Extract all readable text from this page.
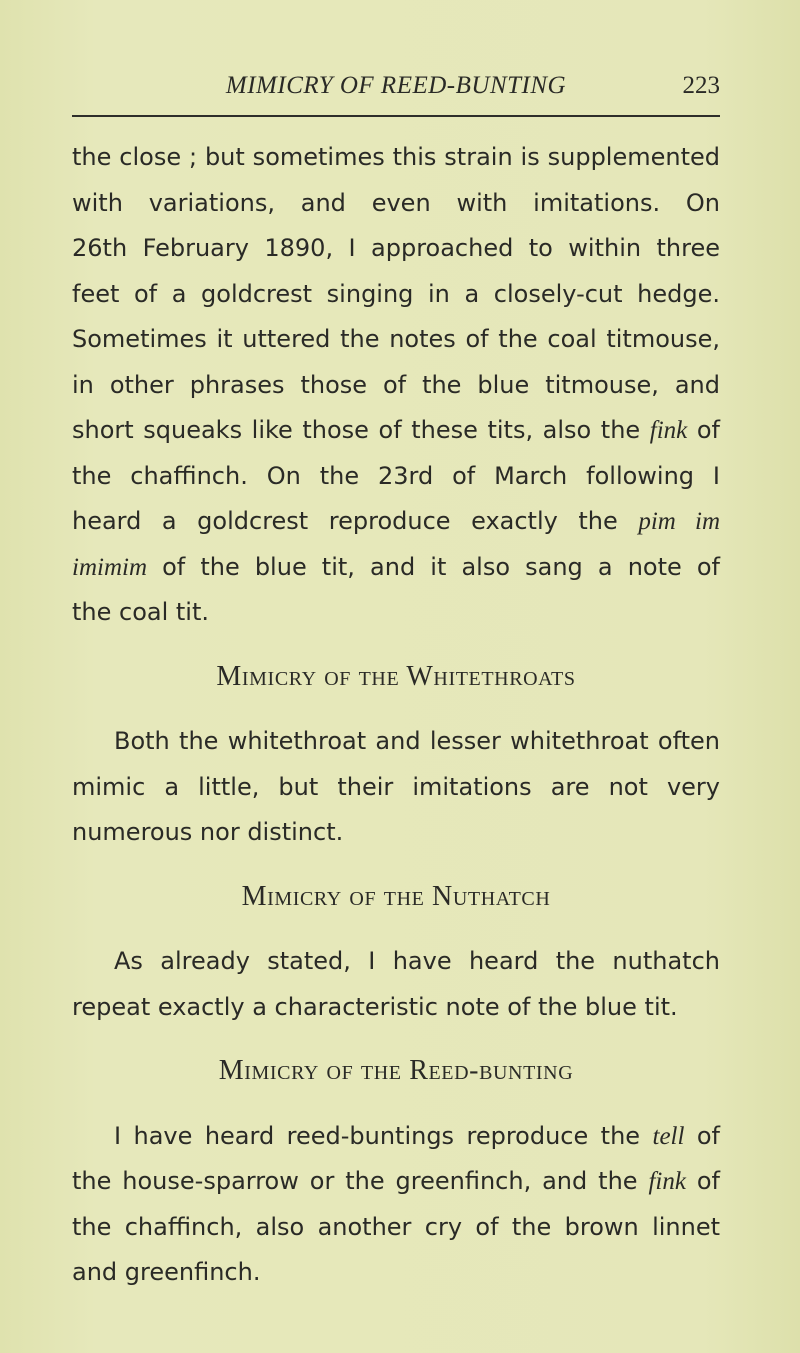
MIMICRY OF REED-BUNTING	223
the close ; but sometimes this strain is supplemented
with variations, and even with imitations. On
26th February 1890, I approached to within three
feet of a goldcrest singing in a closely-cut hedge.
Sometimes it uttered the notes of the coal titmouse,
in other phrases those of the blue titmouse, and
short squeaks like those of these tits, also the fink of
the chaffinch. On the 23rd of March following I
heard a goldcrest reproduce exactly the pim im
imimim of the blue tit, and it also sang a note of
the coal tit.
Mimicry of the Whitethroats
Both the whitethroat and lesser whitethroat often
mimic a little, but their imitations are not very
numerous nor distinct.
Mimicry of the Nuthatch
As already stated, I have heard the nuthatch
repeat exactly a characteristic note of the blue tit.
Mimicry of the Reed-bunting
I have heard reed-buntings reproduce the tell of
the house-sparrow or the greenfinch, and the fink of
the chaffinch, also another cry of the brown linnet
and greenfinch.
